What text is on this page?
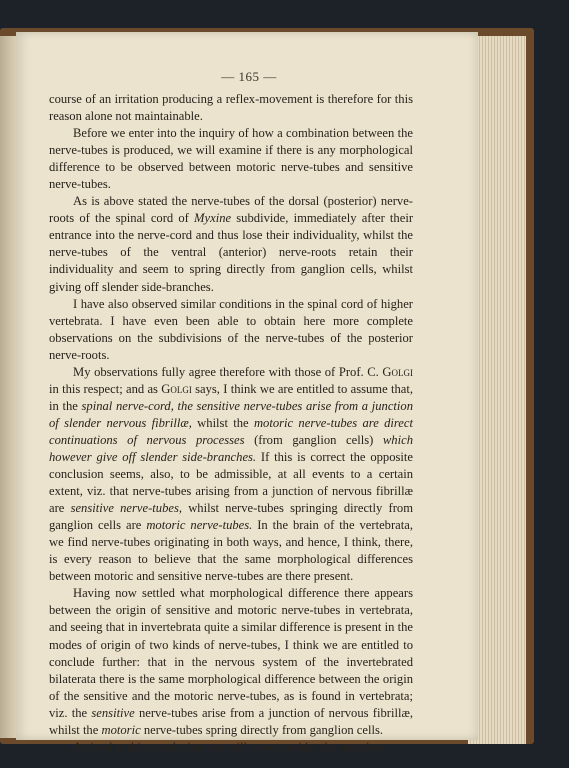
— 165 —

course of an irritation producing a reflex-movement is therefore for this reason alone not maintainable.

Before we enter into the inquiry of how a combination between the nerve-tubes is produced, we will examine if there is any morphological difference to be observed between motoric nerve-tubes and sensitive nerve-tubes.

As is above stated the nerve-tubes of the dorsal (posterior) nerve-roots of the spinal cord of Myxine subdivide, immediately after their entrance into the nerve-cord and thus lose their individuality, whilst the nerve-tubes of the ventral (anterior) nerve-roots retain their individuality and seem to spring directly from ganglion cells, whilst giving off slender side-branches.

I have also observed similar conditions in the spinal cord of higher vertebrata. I have even been able to obtain here more complete observations on the subdivisions of the nerve-tubes of the posterior nerve-roots.

My observations fully agree therefore with those of Prof. C. Golgi in this respect; and as Golgi says, I think we are entitled to assume that, in the spinal nerve-cord, the sensitive nerve-tubes arise from a junction of slender nervous fibrillæ, whilst the motoric nerve-tubes are direct continuations of nervous processes (from ganglion cells) which however give off slender side-branches. If this is correct the opposite conclusion seems, also, to be admissible, at all events to a certain extent, viz. that nerve-tubes arising from a junction of nervous fibrillæ are sensitive nerve-tubes, whilst nerve-tubes springing directly from ganglion cells are motoric nerve-tubes. In the brain of the vertebrata, we find nerve-tubes originating in both ways, and hence, I think, there, is every reason to believe that the same morphological differences between motoric and sensitive nerve-tubes are there present.

Having now settled what morphological difference there appears between the origin of sensitive and motoric nerve-tubes in vertebrata, and seeing that in invertebrata quite a similar difference is present in the modes of origin of two kinds of nerve-tubes, I think we are entitled to conclude further: that in the nervous system of the invertebrated bilaterata there is the same morphological difference between the origin of the sensitive and the motoric nerve-tubes, as is found in vertebrata; viz. the sensitive nerve-tubes arise from a junction of nervous fibrillæ, whilst the motoric nerve-tubes spring directly from ganglion cells.

Arrived at this conclusion, we will now consider the question,
